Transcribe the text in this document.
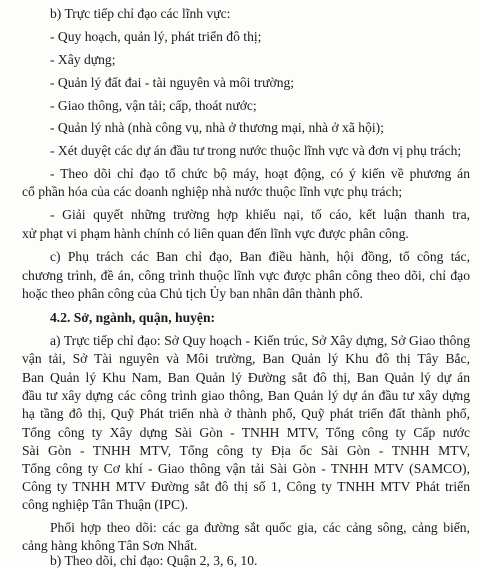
b) Trực tiếp chỉ đạo các lĩnh vực:
- Quy hoạch, quản lý, phát triển đô thị;
- Xây dựng;
- Quản lý đất đai - tài nguyên và môi trường;
- Giao thông, vận tải; cấp, thoát nước;
- Quản lý nhà (nhà công vụ, nhà ở thương mại, nhà ở xã hội);
- Xét duyệt các dự án đầu tư trong nước thuộc lĩnh vực và đơn vị phụ trách;
- Theo dõi chỉ đạo tổ chức bộ máy, hoạt động, có ý kiến về phương án
cổ phần hóa của các doanh nghiệp nhà nước thuộc lĩnh vực phụ trách;
- Giải quyết những trường hợp khiếu nại, tố cáo, kết luận thanh tra,
xử phạt vi phạm hành chính có liên quan đến lĩnh vực được phân công.
c) Phụ trách các Ban chỉ đạo, Ban điều hành, hội đồng, tổ công tác,
chương trình, đề án, công trình thuộc lĩnh vực được phân công theo dõi, chỉ đạo
hoặc theo phân công của Chủ tịch Ủy ban nhân dân thành phố.
4.2. Sở, ngành, quận, huyện:
a) Trực tiếp chỉ đạo: Sở Quy hoạch - Kiến trúc, Sở Xây dựng, Sở Giao thông
vận tải, Sở Tài nguyên và Môi trường, Ban Quản lý Khu đô thị Tây Bắc,
Ban Quản lý Khu Nam, Ban Quản lý Đường sắt đô thị, Ban Quản lý dự án
đầu tư xây dựng các công trình giao thông, Ban Quản lý dự án đầu tư xây dựng
hạ tầng đô thị, Quỹ Phát triển nhà ở thành phố, Quỹ phát triển đất thành phố,
Tổng công ty Xây dựng Sài Gòn - TNHH MTV, Tổng công ty Cấp nước
Sài Gòn - TNHH MTV, Tổng công ty Địa ốc Sài Gòn - TNHH MTV,
Tổng công ty Cơ khí - Giao thông vận tải Sài Gòn - TNHH MTV (SAMCO),
Công ty TNHH MTV Đường sắt đô thị số 1, Công ty TNHH MTV Phát triển
công nghiệp Tân Thuận (IPC).
Phối hợp theo dõi: các ga đường sắt quốc gia, các cảng sông, cảng biển,
cảng hàng không Tân Sơn Nhất.
b) Theo dõi, chỉ đạo: Quận 2, 3, 6, 10.
